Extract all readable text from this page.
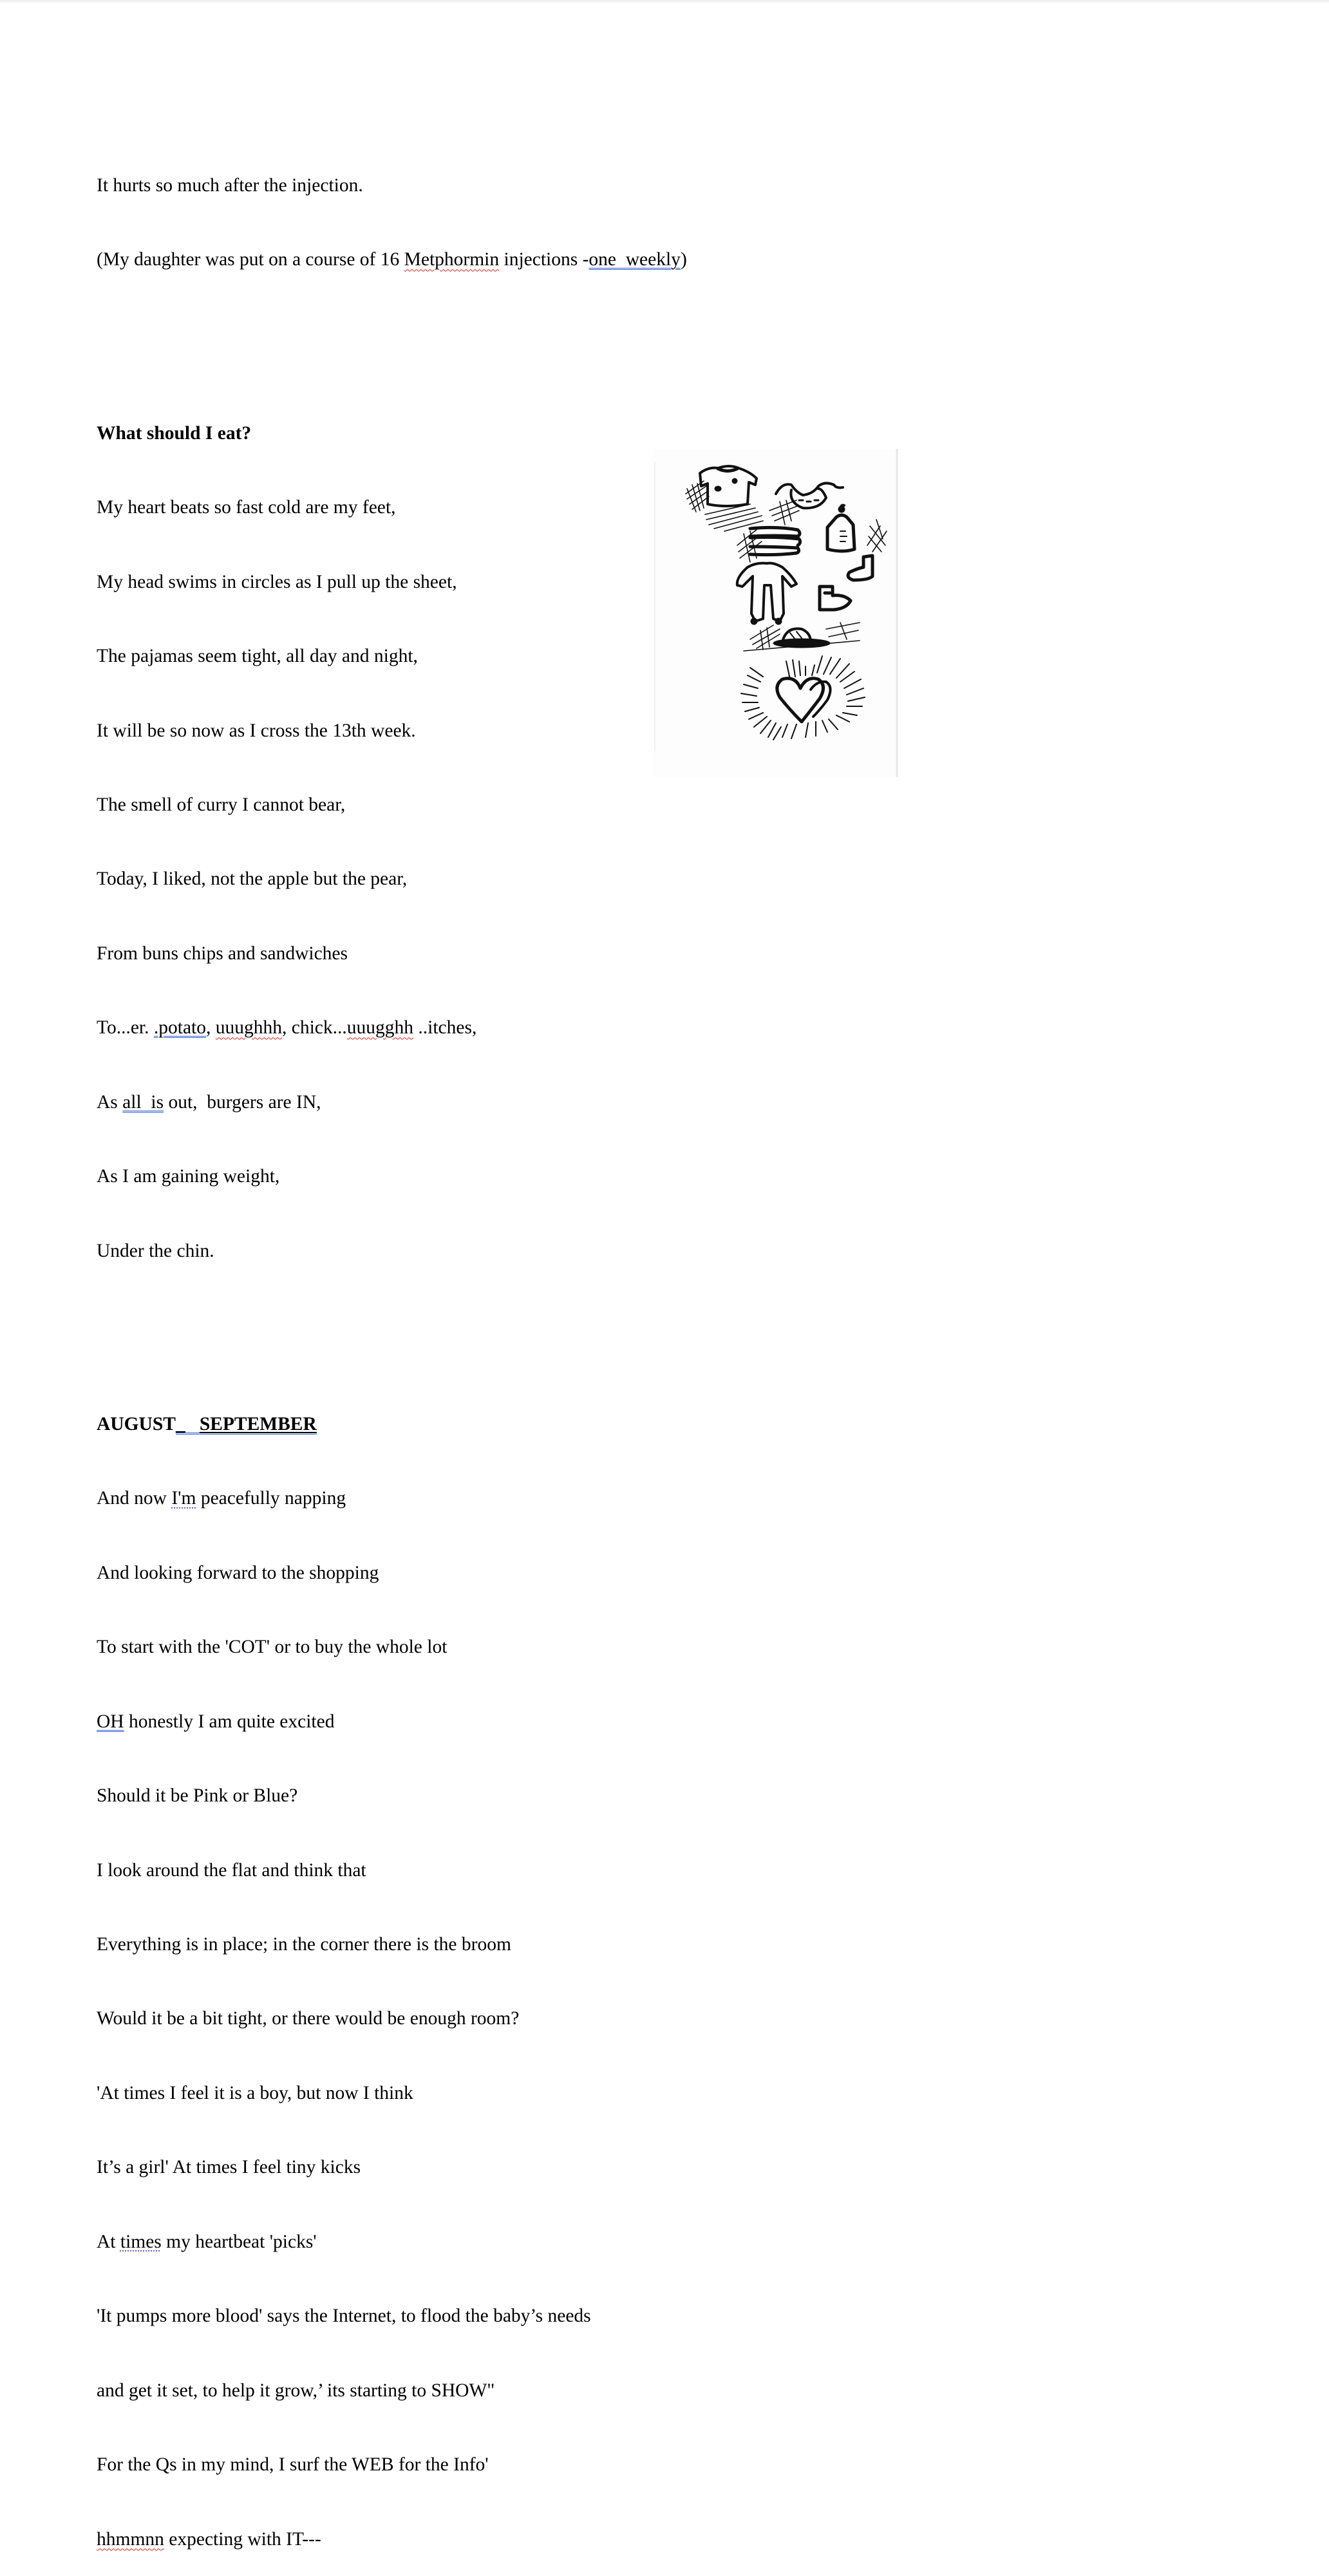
It hurts so much after the injection.

(My daughter was put on a course of 16 Metphormin injections -one  weekly)

What should I eat?

My heart beats so fast cold are my feet,

My head swims in circles as I pull up the sheet,

The pajamas seem tight, all day and night,

It will be so now as I cross the 13th week.

The smell of curry I cannot bear,

Today, I liked, not the apple but the pear,

From buns chips and sandwiches

To...er. .potato, uuughhh, chick...uuugghh ..itches,

As all  is out,  burgers are IN,

As I am gaining weight,

Under the chin.

AUGUST_ SEPTEMBER

And now I'm peacefully napping

And looking forward to the shopping

To start with the 'COT' or to buy the whole lot

OH honestly I am quite excited

Should it be Pink or Blue?

I look around the flat and think that

Everything is in place; in the corner there is the broom

Would it be a bit tight, or there would be enough room?

'At times I feel it is a boy, but now I think

It’s a girl' At times I feel tiny kicks

At times my heartbeat 'picks'

'It pumps more blood' says the Internet, to flood the baby’s needs

and get it set, to help it grow,’ its starting to SHOW"

For the Qs in my mind, I surf the WEB for the Info'

hhmmnn expecting with IT---
